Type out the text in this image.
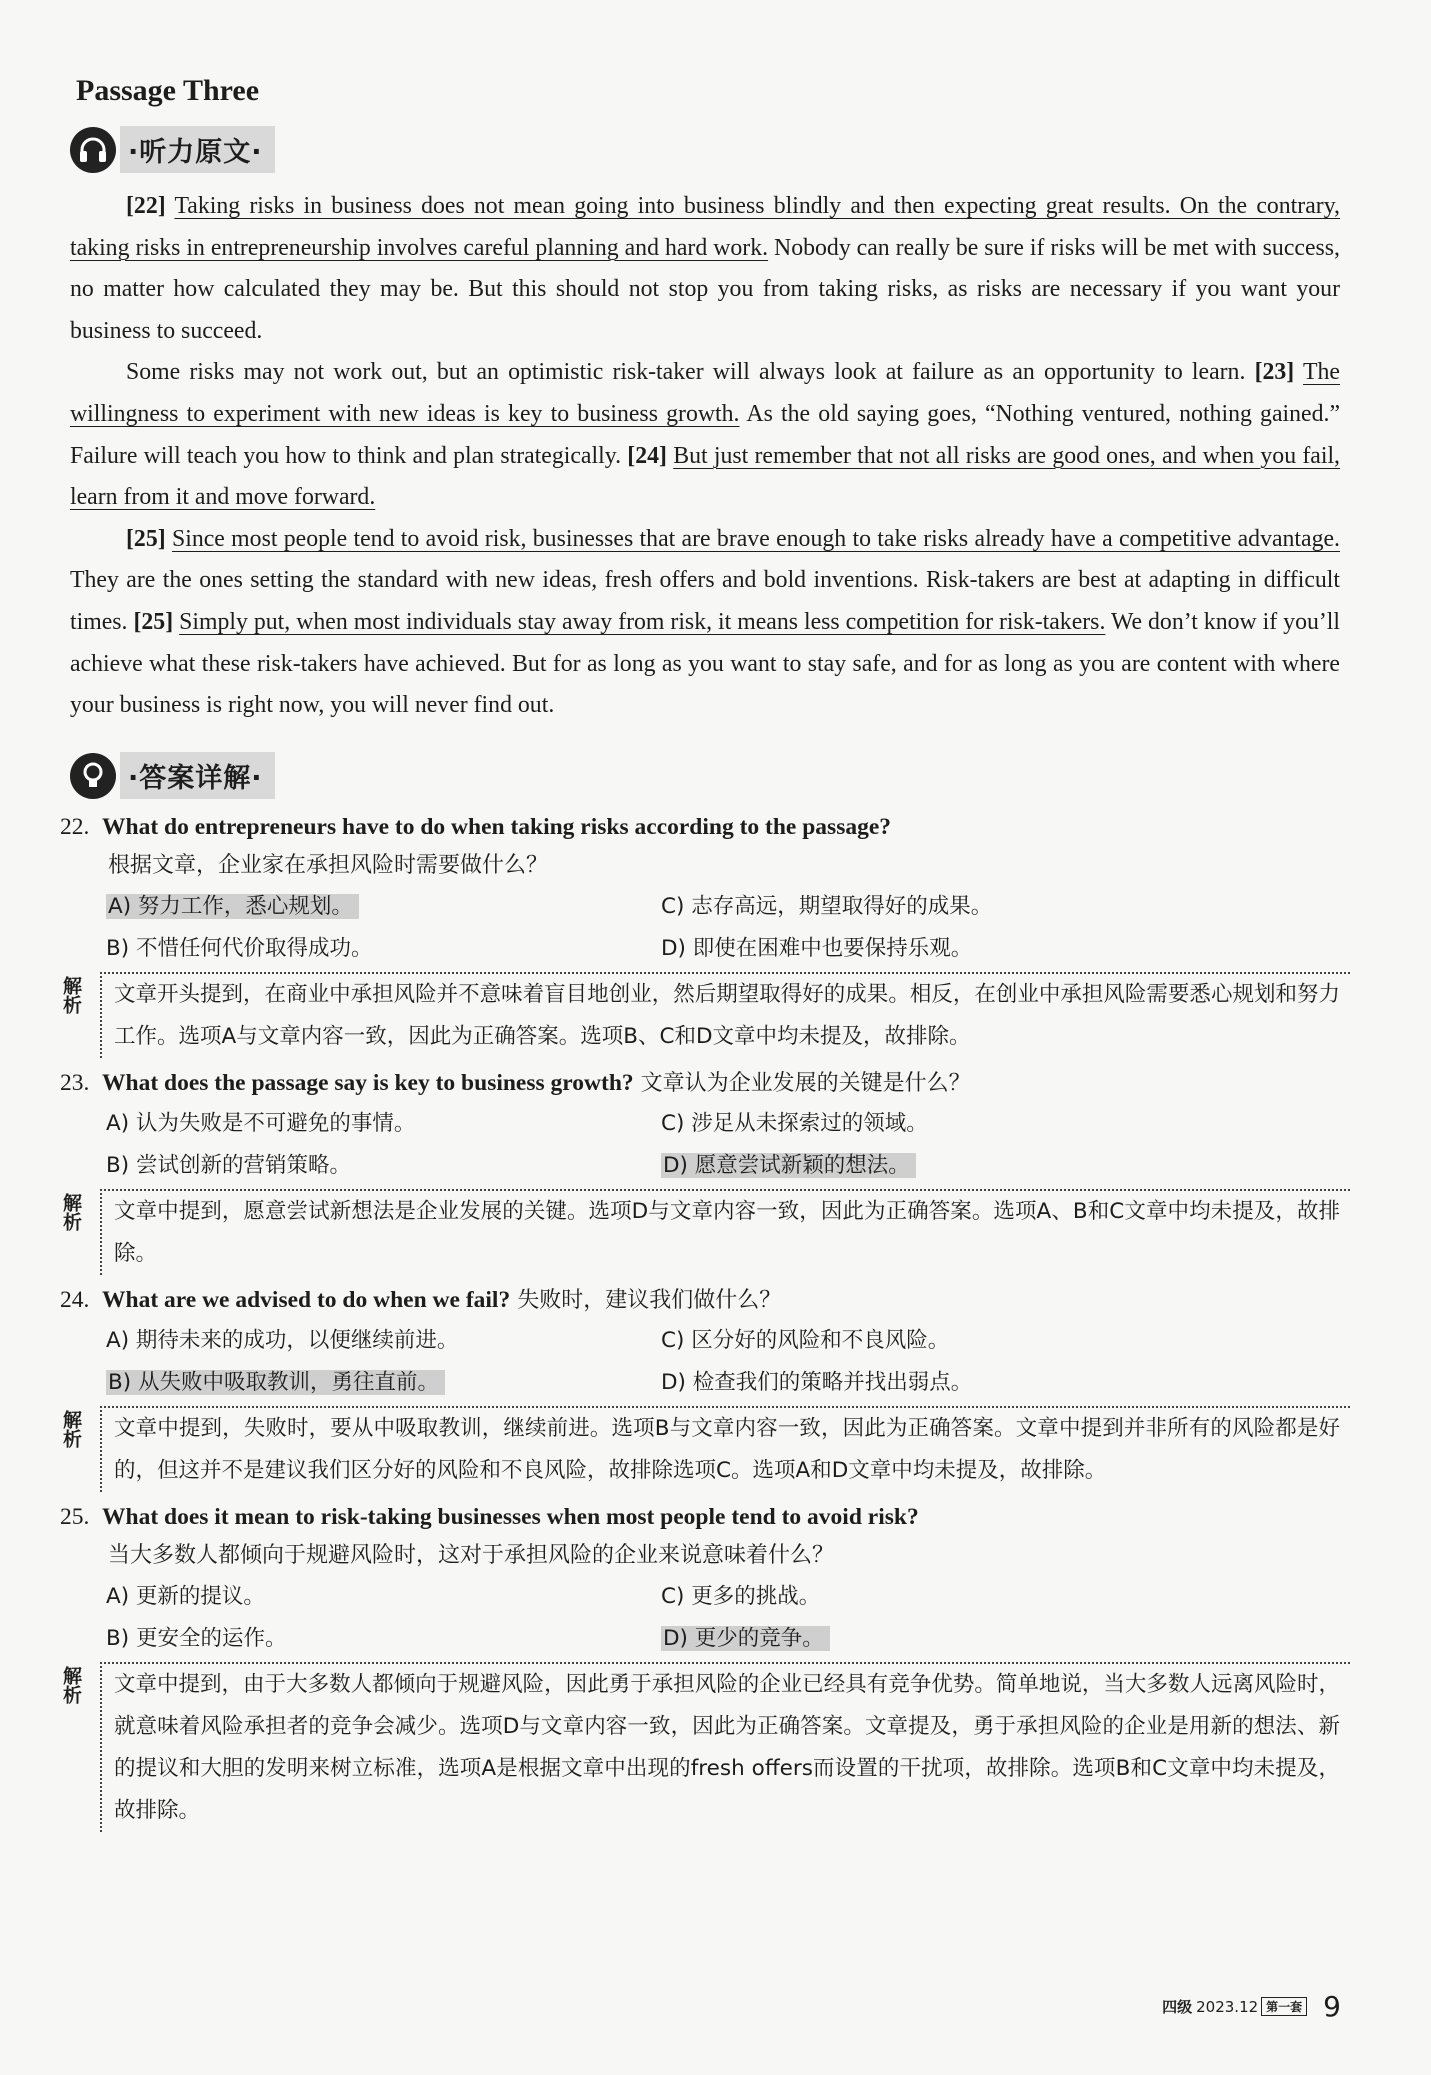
Passage Three
·听力原文·

[22] Taking risks in business does not mean going into business blindly and then expecting great results. On the contrary, taking risks in entrepreneurship involves careful planning and hard work. Nobody can really be sure if risks will be met with success, no matter how calculated they may be. But this should not stop you from taking risks, as risks are necessary if you want your business to succeed.

Some risks may not work out, but an optimistic risk-taker will always look at failure as an opportunity to learn. [23] The willingness to experiment with new ideas is key to business growth. As the old saying goes, “Nothing ventured, nothing gained.” Failure will teach you how to think and plan strategically. [24] But just remember that not all risks are good ones, and when you fail, learn from it and move forward.

[25] Since most people tend to avoid risk, businesses that are brave enough to take risks already have a competitive advantage. They are the ones setting the standard with new ideas, fresh offers and bold inventions. Risk-takers are best at adapting in difficult times. [25] Simply put, when most individuals stay away from risk, it means less competition for risk-takers. We don’t know if you’ll achieve what these risk-takers have achieved. But for as long as you want to stay safe, and for as long as you are content with where your business is right now, you will never find out.

·答案详解·
22. What do entrepreneurs have to do when taking risks according to the passage?
根据文章，企业家在承担风险时需要做什么？
A) 努力工作，悉心规划。	C) 志存高远，期望取得好的成果。
B) 不惜任何代价取得成功。	D) 即使在困难中也要保持乐观。
解析	文章开头提到，在商业中承担风险并不意味着盲目地创业，然后期望取得好的成果。相反，在创业中承担风险需要悉心规划和努力工作。选项A与文章内容一致，因此为正确答案。选项B、C和D文章中均未提及，故排除。
23. What does the passage say is key to business growth? 文章认为企业发展的关键是什么？
A) 认为失败是不可避免的事情。	C) 涉足从未探索过的领域。
B) 尝试创新的营销策略。	D) 愿意尝试新颖的想法。
解析	文章中提到，愿意尝试新想法是企业发展的关键。选项D与文章内容一致，因此为正确答案。选项A、B和C文章中均未提及，故排除。
24. What are we advised to do when we fail? 失败时，建议我们做什么？
A) 期待未来的成功，以便继续前进。	C) 区分好的风险和不良风险。
B) 从失败中吸取教训，勇往直前。	D) 检查我们的策略并找出弱点。
解析	文章中提到，失败时，要从中吸取教训，继续前进。选项B与文章内容一致，因此为正确答案。文章中提到并非所有的风险都是好的，但这并不是建议我们区分好的风险和不良风险，故排除选项C。选项A和D文章中均未提及，故排除。
25. What does it mean to risk-taking businesses when most people tend to avoid risk?
当大多数人都倾向于规避风险时，这对于承担风险的企业来说意味着什么？
A) 更新的提议。	C) 更多的挑战。
B) 更安全的运作。	D) 更少的竞争。
解析	文章中提到，由于大多数人都倾向于规避风险，因此勇于承担风险的企业已经具有竞争优势。简单地说，当大多数人远离风险时，就意味着风险承担者的竞争会减少。选项D与文章内容一致，因此为正确答案。文章提及，勇于承担风险的企业是用新的想法、新的提议和大胆的发明来树立标准，选项A是根据文章中出现的fresh offers而设置的干扰项，故排除。选项B和C文章中均未提及，故排除。
四级 2023.12 第一套 9
